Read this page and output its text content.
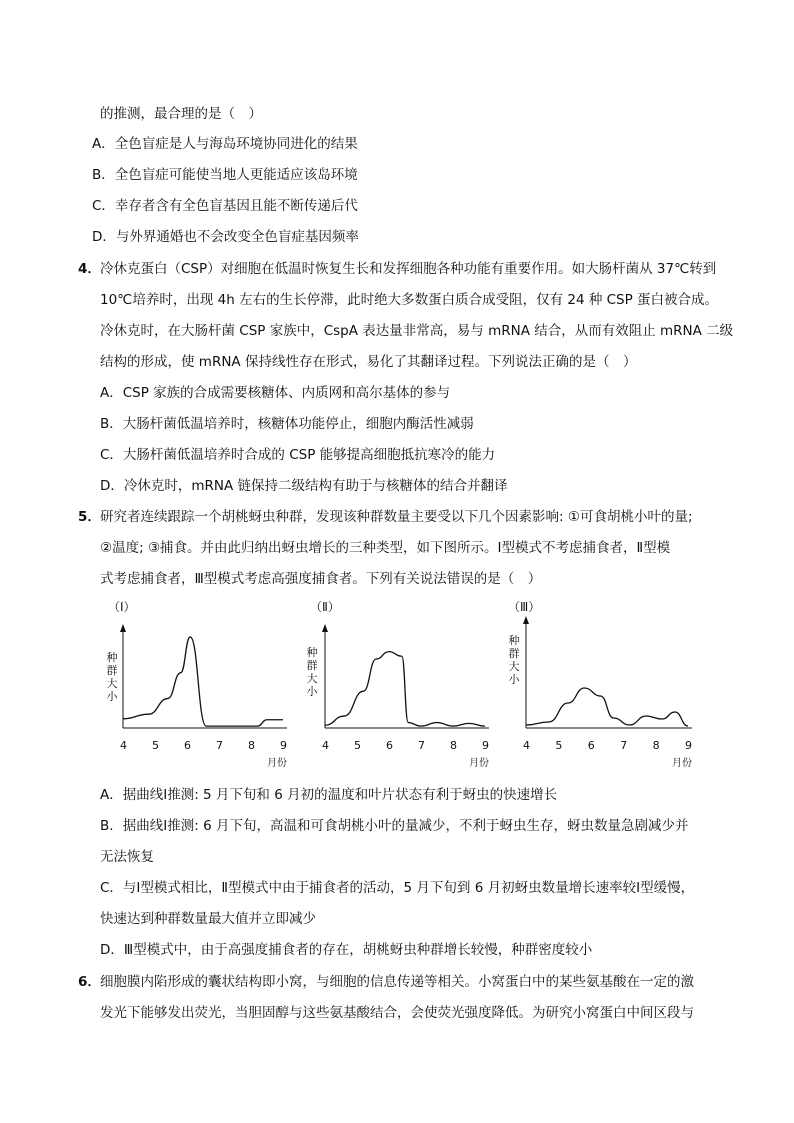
的推测，最合理的是（　）
A．全色盲症是人与海岛环境协同进化的结果
B．全色盲症可能使当地人更能适应该岛环境
C．幸存者含有全色盲基因且能不断传递后代
D．与外界通婚也不会改变全色盲症基因频率
4． 冷休克蛋白（CSP）对细胞在低温时恢复生长和发挥细胞各种功能有重要作用。如大肠杆菌从 37℃转到
10℃培养时，出现 4h 左右的生长停滞，此时绝大多数蛋白质合成受阻，仅有 24 种 CSP 蛋白被合成。
冷休克时，在大肠杆菌 CSP 家族中，CspA 表达量非常高，易与 mRNA 结合，从而有效阻止 mRNA 二级
结构的形成，使 mRNA 保持线性存在形式，易化了其翻译过程。下列说法正确的是（　）
A．CSP 家族的合成需要核糖体、内质网和高尔基体的参与
B．大肠杆菌低温培养时，核糖体功能停止，细胞内酶活性减弱
C．大肠杆菌低温培养时合成的 CSP 能够提高细胞抵抗寒冷的能力
D．冷休克时，mRNA 链保持二级结构有助于与核糖体的结合并翻译
5． 研究者连续跟踪一个胡桃蚜虫种群，发现该种群数量主要受以下几个因素影响: ①可食胡桃小叶的量;
②温度; ③捕食。并由此归纳出蚜虫增长的三种类型，如下图所示。Ⅰ型模式不考虑捕食者，Ⅱ型模
式考虑捕食者，Ⅲ型模式考虑高强度捕食者。下列有关说法错误的是（　）
（Ⅰ）
种群大小
4 5 6 7 8 9
月份
（Ⅱ）
种群大小
4 5 6 7 8 9
月份
（Ⅲ）
种群大小
4 5 6 7 8 9
月份
A．据曲线Ⅰ推测: 5 月下旬和 6 月初的温度和叶片状态有利于蚜虫的快速增长
B．据曲线Ⅰ推测: 6 月下旬，高温和可食胡桃小叶的量减少，不利于蚜虫生存，蚜虫数量急剧减少并
无法恢复
C．与Ⅰ型模式相比，Ⅱ型模式中由于捕食者的活动，5 月下旬到 6 月初蚜虫数量增长速率较Ⅰ型缓慢，
快速达到种群数量最大值并立即减少
D．Ⅲ型模式中，由于高强度捕食者的存在，胡桃蚜虫种群增长较慢，种群密度较小
6． 细胞膜内陷形成的囊状结构即小窝，与细胞的信息传递等相关。小窝蛋白中的某些氨基酸在一定的激
发光下能够发出荧光，当胆固醇与这些氨基酸结合，会使荧光强度降低。为研究小窝蛋白中间区段与
